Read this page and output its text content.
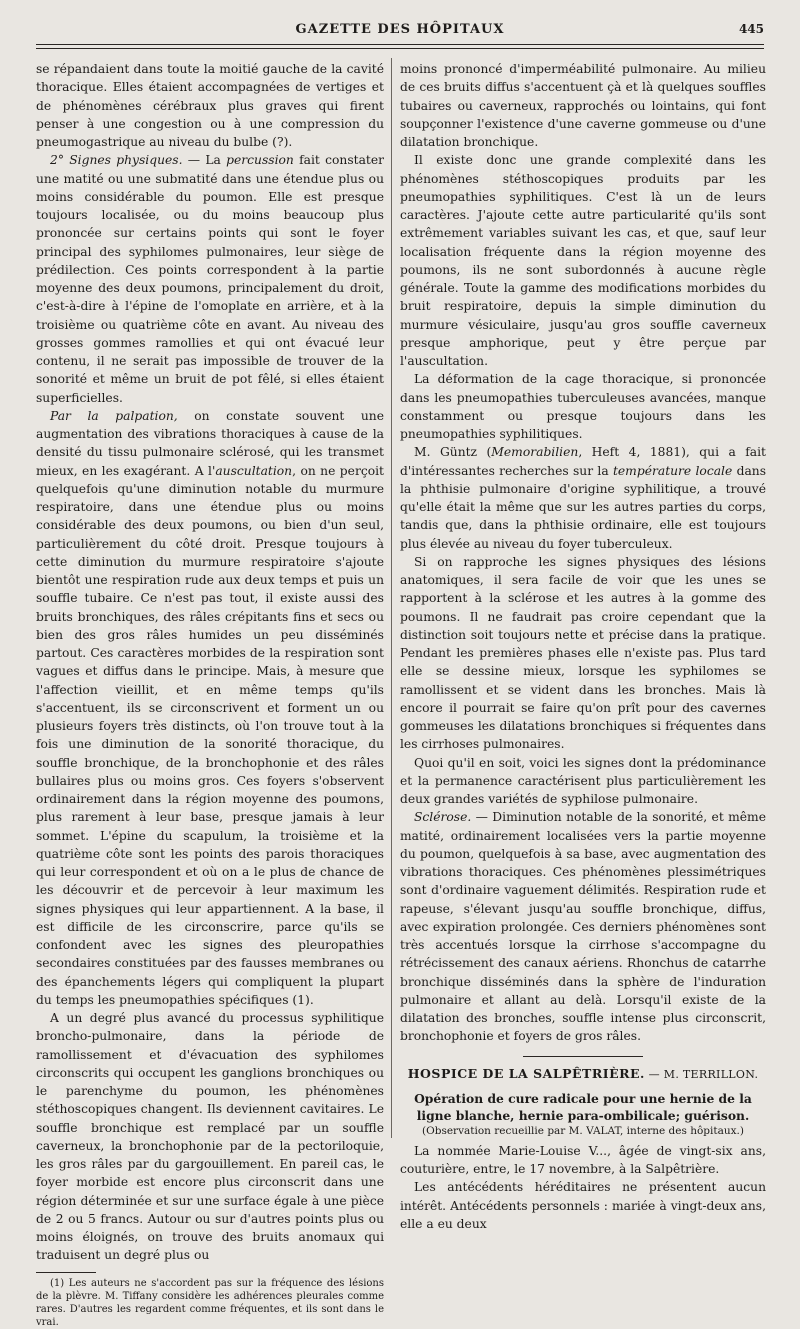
GAZETTE DES HÔPITAUX	445

se répandaient dans toute la moitié gauche de la cavité thoracique. Elles étaient accompagnées de vertiges et de phénomènes cérébraux plus graves qui firent penser à une congestion ou à une compression du pneumogastrique au niveau du bulbe (?).

2° Signes physiques. — La percussion fait constater une matité ou une submatité dans une étendue plus ou moins considérable du poumon. Elle est presque toujours localisée, ou du moins beaucoup plus prononcée sur certains points qui sont le foyer principal des syphilomes pulmonaires, leur siège de prédilection. Ces points correspondent à la partie moyenne des deux poumons, principalement du droit, c'est-à-dire à l'épine de l'omoplate en arrière, et à la troisième ou quatrième côte en avant. Au niveau des grosses gommes ramollies et qui ont évacué leur contenu, il ne serait pas impossible de trouver de la sonorité et même un bruit de pot fêlé, si elles étaient superficielles.

Par la palpation, on constate souvent une augmentation des vibrations thoraciques à cause de la densité du tissu pulmonaire sclérosé, qui les transmet mieux, en les exagérant. A l'auscultation, on ne perçoit quelquefois qu'une diminution notable du murmure respiratoire, dans une étendue plus ou moins considérable des deux poumons, ou bien d'un seul, particulièrement du côté droit. Presque toujours à cette diminution du murmure respiratoire s'ajoute bientôt une respiration rude aux deux temps et puis un souffle tubaire. Ce n'est pas tout, il existe aussi des bruits bronchiques, des râles crépitants fins et secs ou bien des gros râles humides un peu disséminés partout. Ces caractères morbides de la respiration sont vagues et diffus dans le principe. Mais, à mesure que l'affection vieillit, et en même temps qu'ils s'accentuent, ils se circonscrivent et forment un ou plusieurs foyers très distincts, où l'on trouve tout à la fois une diminution de la sonorité thoracique, du souffle bronchique, de la bronchophonie et des râles bullaires plus ou moins gros. Ces foyers s'observent ordinairement dans la région moyenne des poumons, plus rarement à leur base, presque jamais à leur sommet. L'épine du scapulum, la troisième et la quatrième côte sont les points des parois thoraciques qui leur correspondent et où on a le plus de chance de les découvrir et de percevoir à leur maximum les signes physiques qui leur appartiennent. A la base, il est difficile de les circonscrire, parce qu'ils se confondent avec les signes des pleuropathies secondaires constituées par des fausses membranes ou des épanchements légers qui compliquent la plupart du temps les pneumopathies spécifiques (1).

A un degré plus avancé du processus syphilitique broncho-pulmonaire, dans la période de ramollissement et d'évacuation des syphilomes circonscrits qui occupent les ganglions bronchiques ou le parenchyme du poumon, les phénomènes stéthoscopiques changent. Ils deviennent cavitaires. Le souffle bronchique est remplacé par un souffle caverneux, la bronchophonie par de la pectoriloquie, les gros râles par du gargouillement. En pareil cas, le foyer morbide est encore plus circonscrit dans une région déterminée et sur une surface égale à une pièce de 2 ou 5 francs. Autour ou sur d'autres points plus ou moins éloignés, on trouve des bruits anomaux qui traduisent un degré plus ou

(1) Les auteurs ne s'accordent pas sur la fréquence des lésions de la plèvre. M. Tiffany considère les adhérences pleurales comme rares. D'autres les regardent comme fréquentes, et ils sont dans le vrai.

moins prononcé d'imperméabilité pulmonaire. Au milieu de ces bruits diffus s'accentuent çà et là quelques souffles tubaires ou caverneux, rapprochés ou lointains, qui font soupçonner l'existence d'une caverne gommeuse ou d'une dilatation bronchique.

Il existe donc une grande complexité dans les phénomènes stéthoscopiques produits par les pneumopathies syphilitiques. C'est là un de leurs caractères. J'ajoute cette autre particularité qu'ils sont extrêmement variables suivant les cas, et que, sauf leur localisation fréquente dans la région moyenne des poumons, ils ne sont subordonnés à aucune règle générale. Toute la gamme des modifications morbides du bruit respiratoire, depuis la simple diminution du murmure vésiculaire, jusqu'au gros souffle caverneux presque amphorique, peut y être perçue par l'auscultation.

La déformation de la cage thoracique, si prononcée dans les pneumopathies tuberculeuses avancées, manque constamment ou presque toujours dans les pneumopathies syphilitiques.

M. Güntz (Memorabilien, Heft 4, 1881), qui a fait d'intéressantes recherches sur la température locale dans la phthisie pulmonaire d'origine syphilitique, a trouvé qu'elle était la même que sur les autres parties du corps, tandis que, dans la phthisie ordinaire, elle est toujours plus élevée au niveau du foyer tuberculeux.

Si on rapproche les signes physiques des lésions anatomiques, il sera facile de voir que les unes se rapportent à la sclérose et les autres à la gomme des poumons. Il ne faudrait pas croire cependant que la distinction soit toujours nette et précise dans la pratique. Pendant les premières phases elle n'existe pas. Plus tard elle se dessine mieux, lorsque les syphilomes se ramollissent et se vident dans les bronches. Mais là encore il pourrait se faire qu'on prît pour des cavernes gommeuses les dilatations bronchiques si fréquentes dans les cirrhoses pulmonaires.

Quoi qu'il en soit, voici les signes dont la prédominance et la permanence caractérisent plus particulièrement les deux grandes variétés de syphilose pulmonaire.

Sclérose. — Diminution notable de la sonorité, et même matité, ordinairement localisées vers la partie moyenne du poumon, quelquefois à sa base, avec augmentation des vibrations thoraciques. Ces phénomènes plessimétriques sont d'ordinaire vaguement délimités. Respiration rude et rapeuse, s'élevant jusqu'au souffle bronchique, diffus, avec expiration prolongée. Ces derniers phénomènes sont très accentués lorsque la cirrhose s'accompagne du rétrécissement des canaux aériens. Rhonchus de catarrhe bronchique disséminés dans la sphère de l'induration pulmonaire et allant au delà. Lorsqu'il existe de la dilatation des bronches, souffle intense plus circonscrit, bronchophonie et foyers de gros râles.

HOSPICE DE LA SALPÊTRIÈRE. — M. TERRILLON.
Opération de cure radicale pour une hernie de la ligne blanche, hernie para-ombilicale; guérison.
(Observation recueillie par M. VALAT, interne des hôpitaux.)

La nommée Marie-Louise V..., âgée de vingt-six ans, couturière, entre, le 17 novembre, à la Salpêtrière.

Les antécédents héréditaires ne présentent aucun intérêt. Antécédents personnels : mariée à vingt-deux ans, elle a eu deux
